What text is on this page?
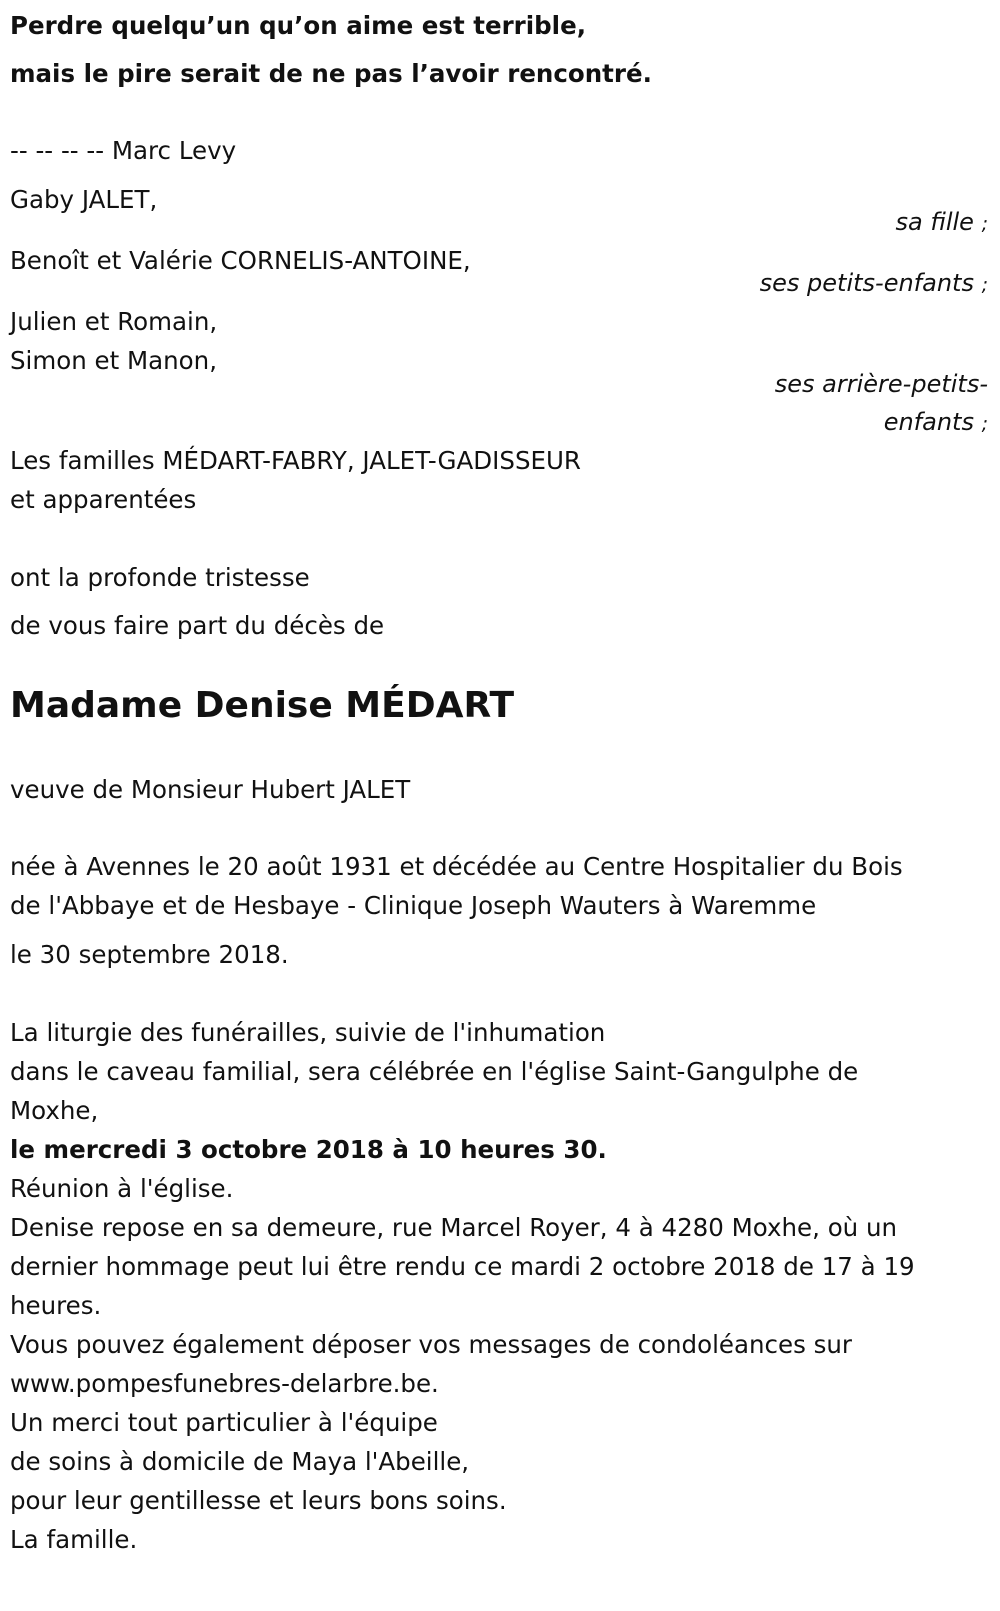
Perdre quelqu’un qu’on aime est terrible,

mais le pire serait de ne pas l’avoir rencontré.

-- -- -- -- Marc Levy

Gaby JALET,

sa fille ;

Benoît et Valérie CORNELIS-ANTOINE,

ses petits-enfants ;

Julien et Romain,

Simon et Manon,

ses arrière-petits-

enfants ;

Les familles MÉDART-FABRY, JALET-GADISSEUR

et apparentées

ont la profonde tristesse

de vous faire part du décès de

Madame Denise MÉDART

veuve de Monsieur Hubert JALET

née à Avennes le 20 août 1931 et décédée au Centre Hospitalier du Bois

de l'Abbaye et de Hesbaye - Clinique Joseph Wauters à Waremme

le 30 septembre 2018.

La liturgie des funérailles, suivie de l'inhumation

dans le caveau familial, sera célébrée en l'église Saint-Gangulphe de

Moxhe,

le mercredi 3 octobre 2018 à 10 heures 30.

Réunion à l'église.

Denise repose en sa demeure, rue Marcel Royer, 4 à 4280 Moxhe, où un

dernier hommage peut lui être rendu ce mardi 2 octobre 2018 de 17 à 19

heures.

Vous pouvez également déposer vos messages de condoléances sur

www.pompesfunebres-delarbre.be.

Un merci tout particulier à l'équipe

de soins à domicile de Maya l'Abeille,

pour leur gentillesse et leurs bons soins.

La famille.
